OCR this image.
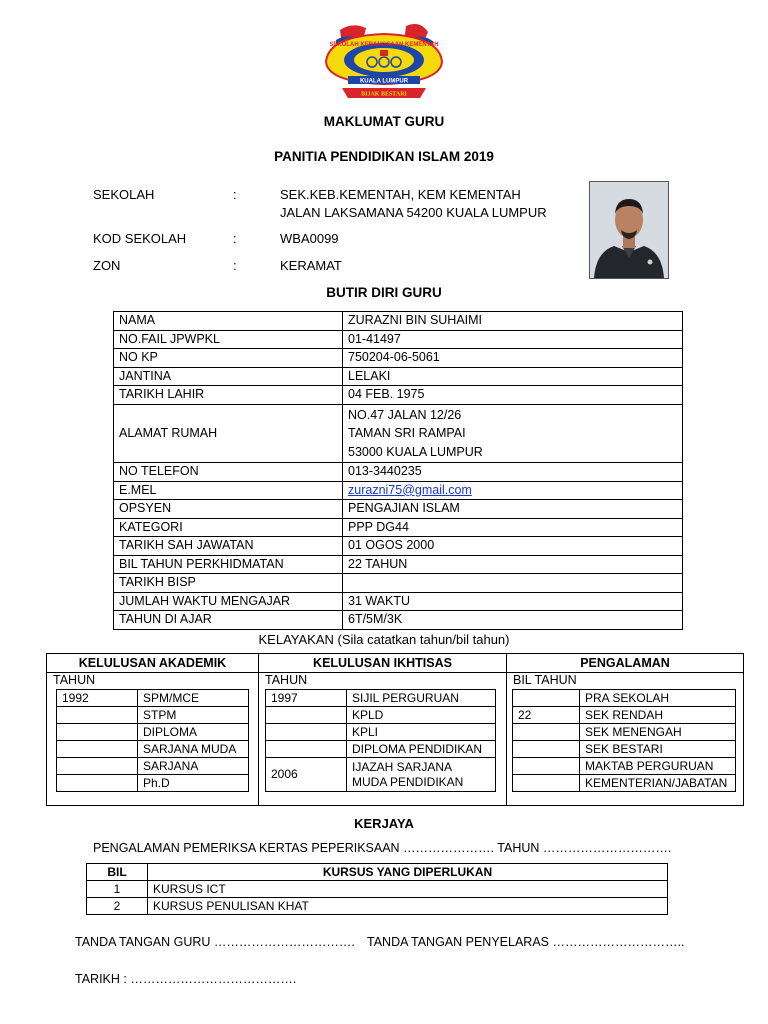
SEKOLAH KEBANGSAAN KEMENTAH
KUALA LUMPUR
BIJAK BESTARI
MAKLUMAT GURU
PANITIA PENDIDIKAN ISLAM 2019
SEKOLAH	:	SEK.KEB.KEMENTAH, KEM KEMENTAH
JALAN LAKSAMANA 54200 KUALA LUMPUR
KOD SEKOLAH	:	WBA0099
ZON	:	KERAMAT
BUTIR DIRI GURU
NAMA	ZURAZNI BIN SUHAIMI
NO.FAIL JPWPKL	01-41497
NO KP	750204-06-5061
JANTINA	LELAKI
TARIKH LAHIR	04 FEB. 1975
ALAMAT RUMAH	NO.47 JALAN 12/26
TAMAN SRI RAMPAI
53000 KUALA LUMPUR

NO TELEFON	013-3440235
E.MEL	zurazni75@gmail.com
OPSYEN	PENGAJIAN ISLAM
KATEGORI	PPP DG44
TARIKH SAH JAWATAN	01 OGOS 2000
BIL TAHUN PERKHIDMATAN	22 TAHUN
TARIKH BISP	
JUMLAH WAKTU MENGAJAR	31 WAKTU
TAHUN DI AJAR	6T/5M/3K
KELAYAKAN (Sila catatkan tahun/bil tahun)
KELULUSAN AKADEMIK
TAHUN
1992	SPM/MCE
	STPM
	DIPLOMA
	SARJANA MUDA
	SARJANA
	Ph.D
KELULUSAN IKHTISAS
TAHUN
1997	SIJIL PERGURUAN
	KPLD
	KPLI
	DIPLOMA PENDIDIKAN
2006	IJAZAH SARJANA
MUDA PENDIDIKAN
PENGALAMAN
BIL TAHUN
	PRA SEKOLAH
22	SEK RENDAH
	SEK MENENGAH
	SEK BESTARI
	MAKTAB PERGURUAN
	KEMENTERIAN/JABATAN
KERJAYA
PENGALAMAN PEMERIKSA KERTAS PEPERIKSAAN …………………. TAHUN ………………………….
BIL	KURSUS YANG DIPERLUKAN
1	KURSUS ICT
2	KURSUS PENULISAN KHAT
TANDA TANGAN GURU ……………………………. TANDA TANGAN PENYELARAS …………………………..
TARIKH : ………………………………….
